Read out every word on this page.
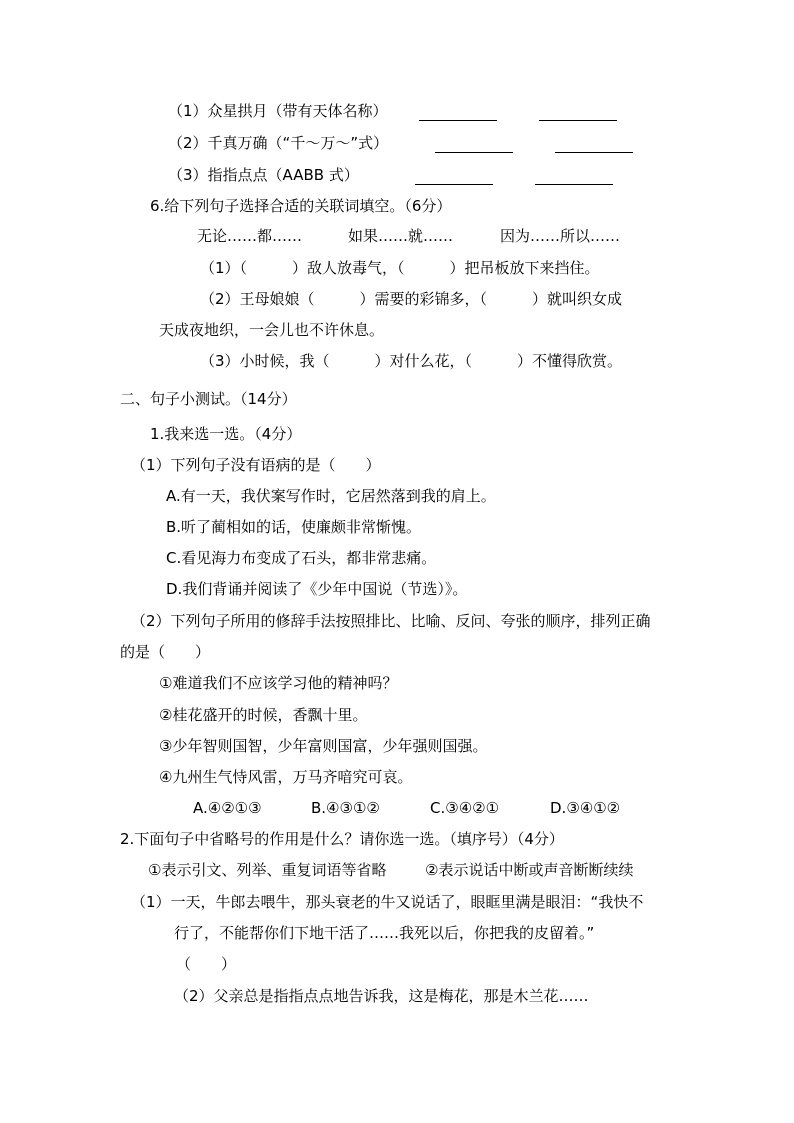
（1）众星拱月（带有天体名称）
（2）千真万确（“千～万～”式）
（3）指指点点（AABB 式）
6.给下列句子选择合适的关联词填空。（6分）
无论……都……	如果……就……	因为……所以……
（1）（　　　）敌人放毒气，（　　　）把吊板放下来挡住。
（2）王母娘娘（　　　）需要的彩锦多，（　　　）就叫织女成
天成夜地织，一会儿也不许休息。
（3）小时候，我（　　　）对什么花，（　　　）不懂得欣赏。
二、句子小测试。（14分）
1.我来选一选。（4分）
（1）下列句子没有语病的是（　　）
A.有一天，我伏案写作时，它居然落到我的肩上。
B.听了蔺相如的话，使廉颇非常惭愧。
C.看见海力布变成了石头，都非常悲痛。
D.我们背诵并阅读了《少年中国说（节选）》。
（2）下列句子所用的修辞手法按照排比、比喻、反问、夸张的顺序，排列正确
的是（　　）
①难道我们不应该学习他的精神吗？
②桂花盛开的时候，香飘十里。
③少年智则国智，少年富则国富，少年强则国强。
④九州生气恃风雷，万马齐喑究可哀。
A.④②①③	B.④③①②	C.③④②①	D.③④①②
2.下面句子中省略号的作用是什么？请你选一选。（填序号）（4分）
①表示引文、列举、重复词语等省略	②表示说话中断或声音断断续续
（1）一天，牛郎去喂牛，那头衰老的牛又说话了，眼眶里满是眼泪：“我快不
行了，不能帮你们下地干活了……我死以后，你把我的皮留着。”
（　　）
（2）父亲总是指指点点地告诉我，这是梅花，那是木兰花……
